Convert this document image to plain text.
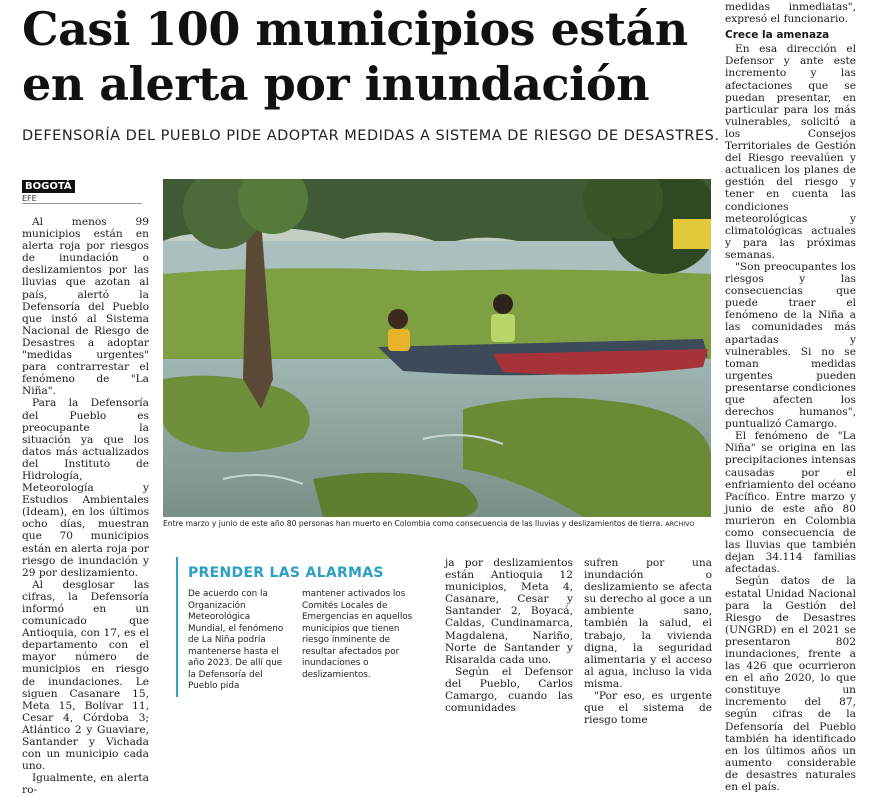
Casi 100 municipios están en alerta por inundación
DEFENSORÍA DEL PUEBLO PIDE ADOPTAR MEDIDAS A SISTEMA DE RIESGO DE DESASTRES.
BOGOTÁ
EFE

Al menos 99 municipios están en alerta roja por riesgos de inundación o deslizamientos por las lluvias que azotan al país, alertó la Defensoría del Pueblo que instó al Sistema Nacional de Riesgo de Desastres a adoptar "medidas urgentes" para contrarrestar el fenómeno de "La Niña".

Para la Defensoría del Pueblo es preocupante la situación ya que los datos más actualizados del Instituto de Hidrología, Meteorología y Estudios Ambientales (Ideam), en los últimos ocho días, muestran que 70 municipios están en alerta roja por riesgo de inundación y 29 por deslizamiento.

Al desglosar las cifras, la Defensoría informó en un comunicado que Antioquia, con 17, es el departamento con el mayor número de municipios en riesgo de inundaciones. Le siguen Casanare 15, Meta 15, Bolívar 11, Cesar 4, Córdoba 3; Atlántico 2 y Guaviare, Santander y Vichada con un municipio cada uno.

Igualmente, en alerta ro-

Entre marzo y junio de este año 80 personas han muerto en Colombia como consecuencia de las lluvias y deslizamientos de tierra. ARCHIVO
PRENDER LAS ALARMAS
De acuerdo con la Organización Meteorológica Mundial, el fenómeno de La Niña podría mantenerse hasta el año 2023. De allí que la Defensoría del Pueblo pida
mantener activados los Comités Locales de Emergencias en aquellos municipios que tienen riesgo inminente de resultar afectados por inundaciones o deslizamientos.

ja por deslizamientos están Antioquia 12 municipios, Meta 4, Casanare, Cesar y Santander 2, Boyacá, Caldas, Cundinamarca, Magdalena, Nariño, Norte de Santander y Risaralda cada uno.

Según el Defensor del Pueblo, Carlos Camargo, cuando las comunidades

sufren por una inundación o deslizamiento se afecta su derecho al goce a un ambiente sano, también la salud, el trabajo, la vivienda digna, la seguridad alimentaria y el acceso al agua, incluso la vida misma.

"Por eso, es urgente que el sistema de riesgo tome

medidas inmediatas", expresó el funcionario.

Crece la amenaza

En esa dirección el Defensor y ante este incremento y las afectaciones que se puedan presentar, en particular para los más vulnerables, solicitó a los Consejos Territoriales de Gestión del Riesgo reevalúen y actualicen los planes de gestión del riesgo y tener en cuenta las condiciones meteorológicas y climatológicas actuales y para las próximas semanas.

"Son preocupantes los riesgos y las consecuencias que puede traer el fenómeno de la Niña a las comunidades más apartadas y vulnerables. Si no se toman medidas urgentes pueden presentarse condiciones que afecten los derechos humanos", puntualizó Camargo.

El fenómeno de "La Niña" se origina en las precipitaciones intensas causadas por el enfriamiento del océano Pacífico. Entre marzo y junio de este año 80 murieron en Colombia como consecuencia de las lluvias que también dejan 34.114 familias afectadas.

Según datos de la estatal Unidad Nacional para la Gestión del Riesgo de Desastres (UNGRD) en el 2021 se presentaron 802 inundaciones, frente a las 426 que ocurrieron en el año 2020, lo que constituye un incremento del 87, según cifras de la Defensoría del Pueblo también ha identificado en los últimos años un aumento considerable de desastres naturales en el país.
